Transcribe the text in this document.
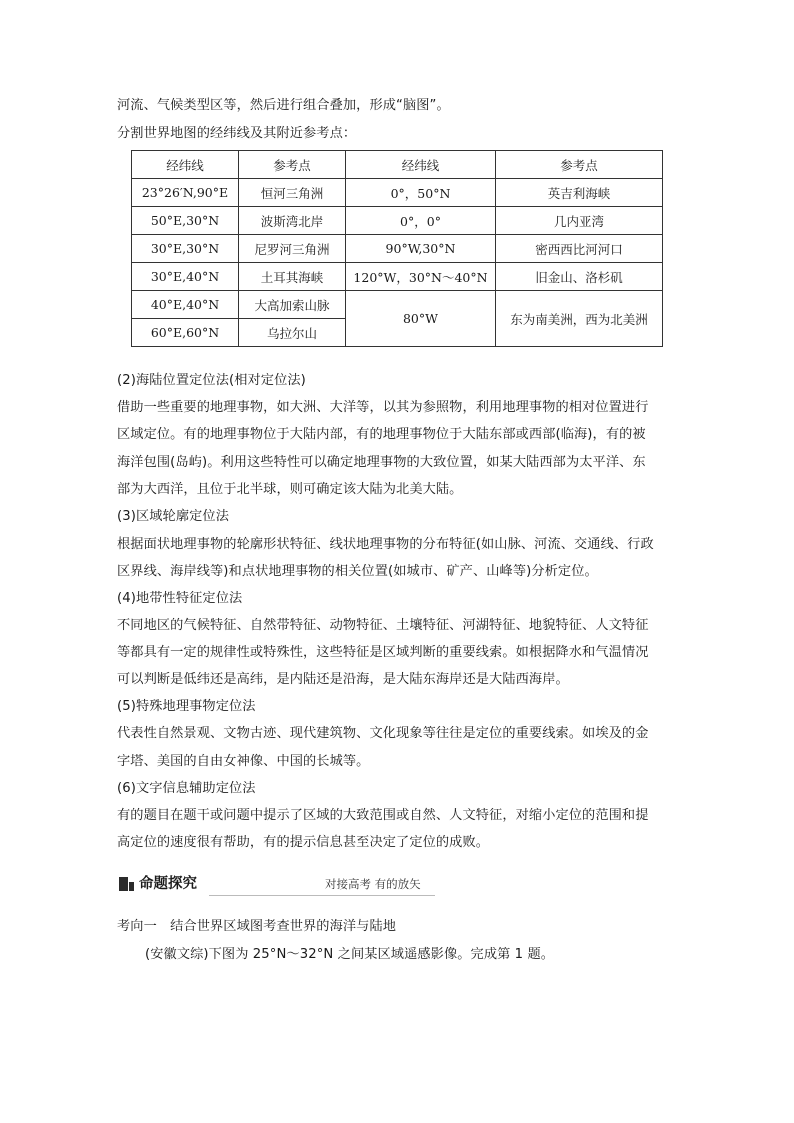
河流、气候类型区等，然后进行组合叠加，形成“脑图”。
分割世界地图的经纬线及其附近参考点：
经纬线	参考点	经纬线	参考点
23°26′N,90°E	恒河三角洲	0°，50°N	英吉利海峡
50°E,30°N	波斯湾北岸	0°，0°	几内亚湾
30°E,30°N	尼罗河三角洲	90°W,30°N	密西西比河河口
30°E,40°N	土耳其海峡	120°W，30°N～40°N	旧金山、洛杉矶
40°E,40°N	大高加索山脉	80°W	东为南美洲，西为北美洲
60°E,60°N	乌拉尔山		
(2)海陆位置定位法(相对定位法)
借助一些重要的地理事物，如大洲、大洋等，以其为参照物，利用地理事物的相对位置进行
区域定位。有的地理事物位于大陆内部，有的地理事物位于大陆东部或西部(临海)，有的被
海洋包围(岛屿)。利用这些特性可以确定地理事物的大致位置，如某大陆西部为太平洋、东
部为大西洋，且位于北半球，则可确定该大陆为北美大陆。
(3)区域轮廓定位法
根据面状地理事物的轮廓形状特征、线状地理事物的分布特征(如山脉、河流、交通线、行政
区界线、海岸线等)和点状地理事物的相关位置(如城市、矿产、山峰等)分析定位。
(4)地带性特征定位法
不同地区的气候特征、自然带特征、动物特征、土壤特征、河湖特征、地貌特征、人文特征
等都具有一定的规律性或特殊性，这些特征是区域判断的重要线索。如根据降水和气温情况
可以判断是低纬还是高纬，是内陆还是沿海，是大陆东海岸还是大陆西海岸。
(5)特殊地理事物定位法
代表性自然景观、文物古迹、现代建筑物、文化现象等往往是定位的重要线索。如埃及的金
字塔、美国的自由女神像、中国的长城等。
(6)文字信息辅助定位法
有的题目在题干或问题中提示了区域的大致范围或自然、人文特征，对缩小定位的范围和提
高定位的速度很有帮助，有的提示信息甚至决定了定位的成败。
命题探究	对接高考 有的放矢
考向一　结合世界区域图考查世界的海洋与陆地
(安徽文综)下图为 25°N～32°N 之间某区域遥感影像。完成第 1 题。
